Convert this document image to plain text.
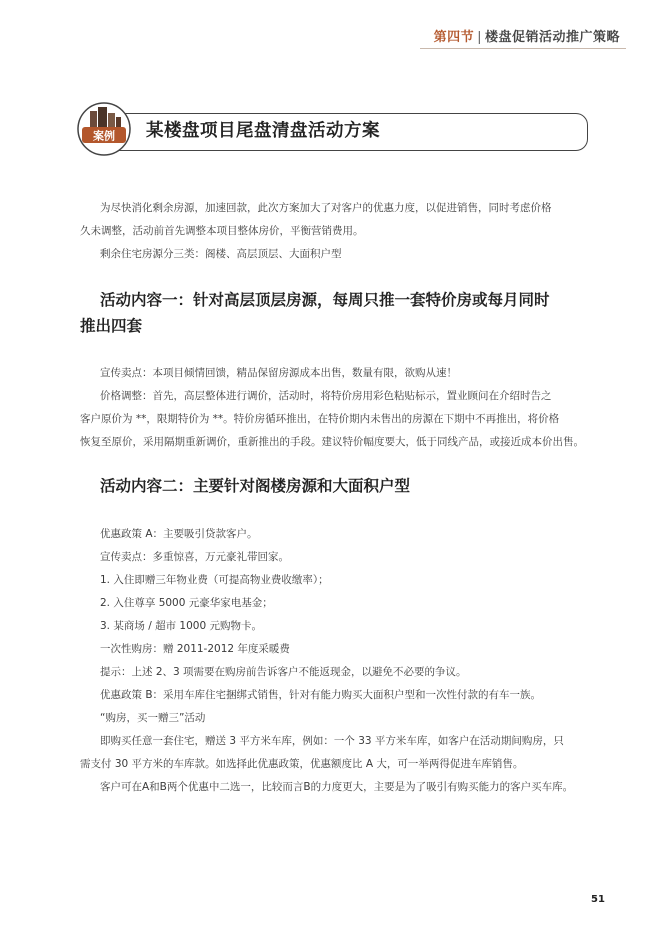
第四节 | 楼盘促销活动推广策略
案例 某楼盘项目尾盘清盘活动方案

为尽快消化剩余房源，加速回款，此次方案加大了对客户的优惠力度，以促进销售，同时考虑价格

久未调整，活动前首先调整本项目整体房价，平衡营销费用。

剩余住宅房源分三类：阁楼、高层顶层、大面积户型

活动内容一：针对高层顶层房源，每周只推一套特价房或每月同时
推出四套

宣传卖点：本项目倾情回馈，精品保留房源成本出售，数量有限，欲购从速！

价格调整：首先，高层整体进行调价，活动时，将特价房用彩色粘贴标示，置业顾问在介绍时告之

客户原价为 **，限期特价为 **。特价房循环推出，在特价期内未售出的房源在下期中不再推出，将价格

恢复至原价，采用隔期重新调价，重新推出的手段。建议特价幅度要大，低于同线产品，或接近成本价出售。

活动内容二：主要针对阁楼房源和大面积户型

优惠政策 A：主要吸引贷款客户。

宣传卖点：多重惊喜，万元豪礼带回家。

1. 入住即赠三年物业费（可提高物业费收缴率）；

2. 入住尊享 5000 元豪华家电基金；

3. 某商场 / 超市 1000 元购物卡。

一次性购房：赠 2011-2012 年度采暖费

提示：上述 2、3 项需要在购房前告诉客户不能返现金，以避免不必要的争议。

优惠政策 B：采用车库住宅捆绑式销售，针对有能力购买大面积户型和一次性付款的有车一族。

“购房，买一赠三”活动

即购买任意一套住宅，赠送 3 平方米车库，例如：一个 33 平方米车库，如客户在活动期间购房，只

需支付 30 平方米的车库款。如选择此优惠政策，优惠额度比 A 大，可一举两得促进车库销售。

客户可在A和B两个优惠中二选一，比较而言B的力度更大，主要是为了吸引有购买能力的客户买车库。

51
